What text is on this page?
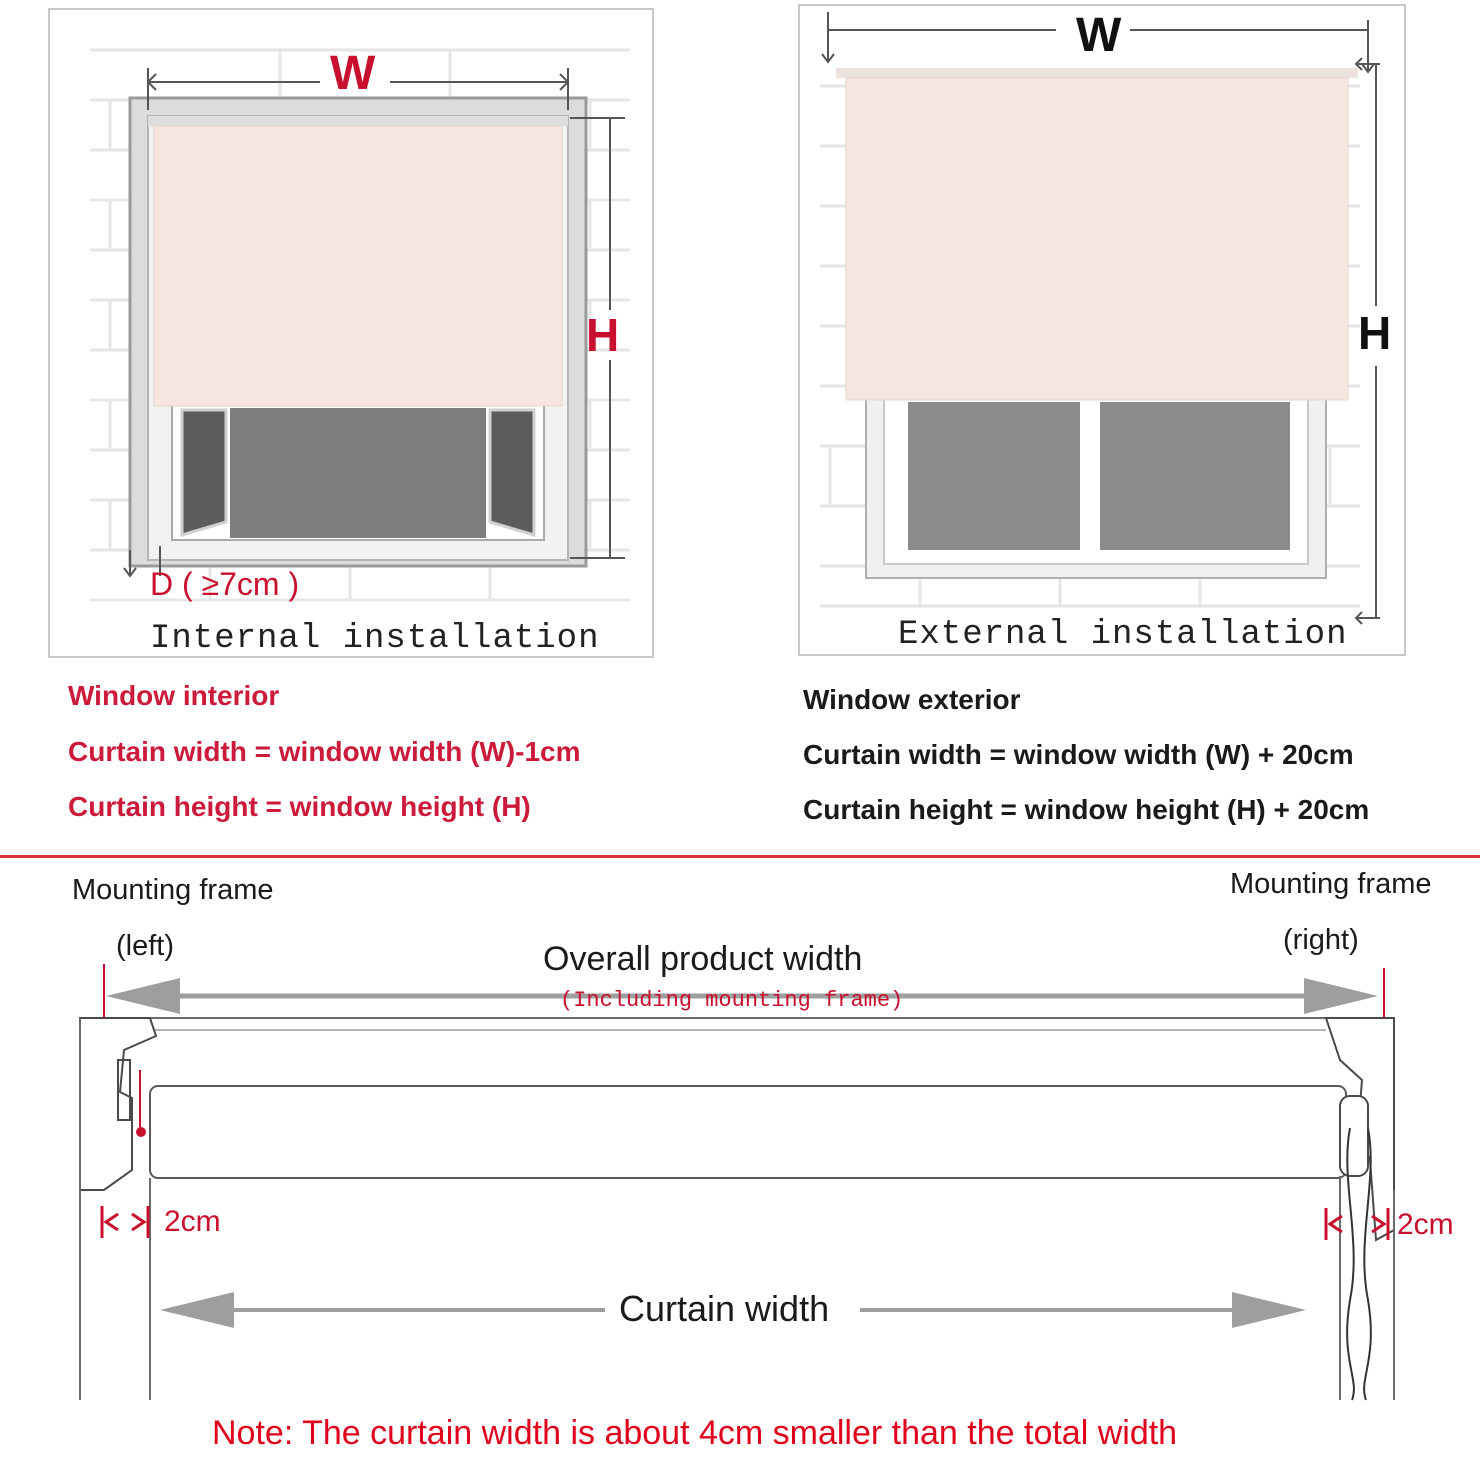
W
H
D ( ≥7cm )
Internal installation
W
H
External installation
Window interior
Curtain width = window width (W)-1cm
Curtain height = window height (H)
Window exterior
Curtain width = window width (W) + 20cm
Curtain height = window height (H) + 20cm
Mounting frame
(left)
Mounting frame
(right)
Overall product width
(Including mounting frame)
2cm	2cm
Curtain width
Note: The curtain width is about 4cm smaller than the total width
